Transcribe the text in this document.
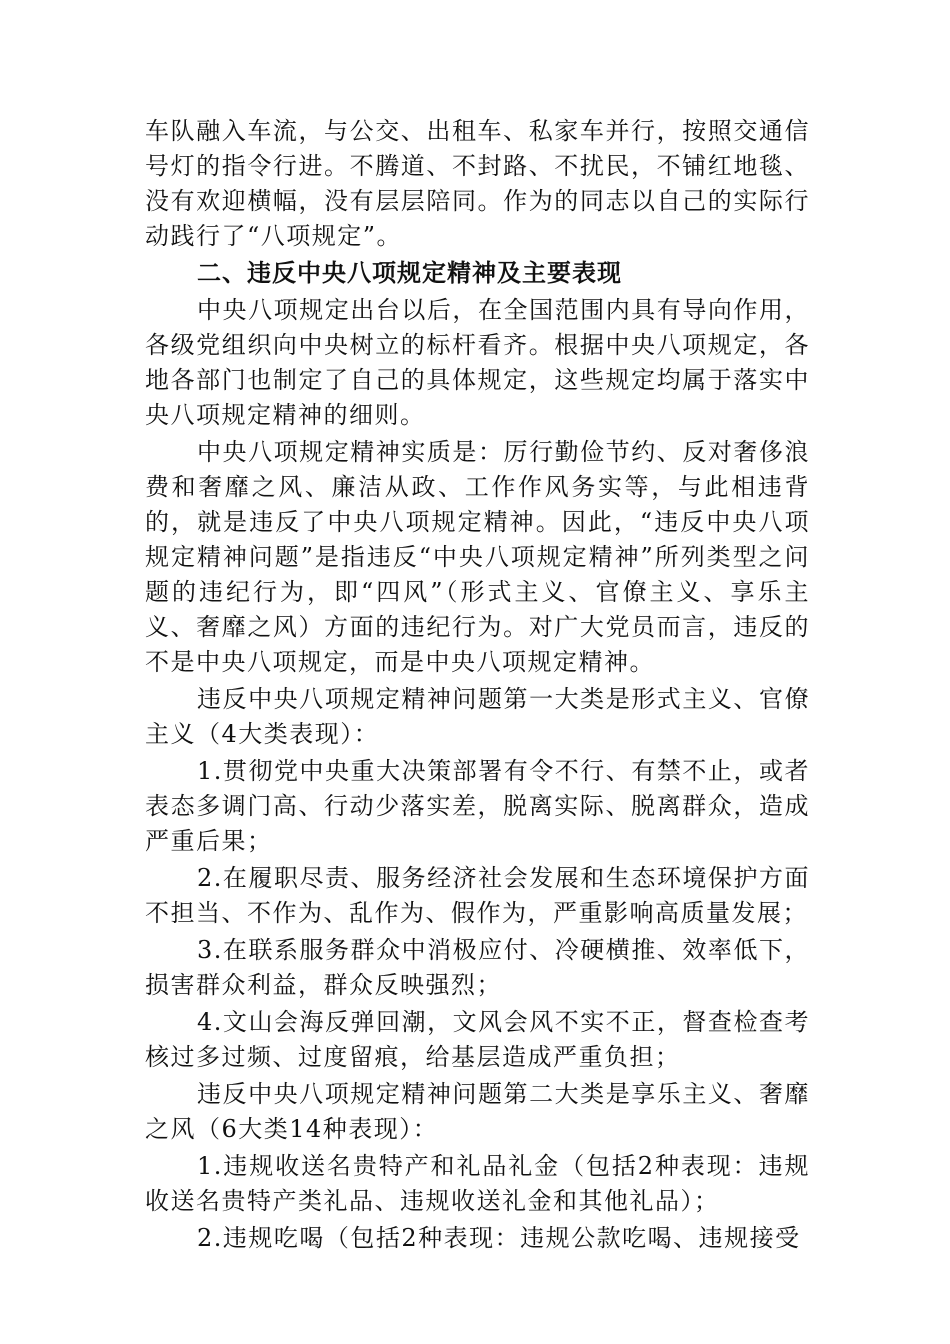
车队融入车流，与公交、出租车、私家车并行，按照交通信号灯的指令行进。不腾道、不封路、不扰民，不铺红地毯、没有欢迎横幅，没有层层陪同。作为的同志以自己的实际行动践行了“八项规定”。

二、违反中央八项规定精神及主要表现

中央八项规定出台以后，在全国范围内具有导向作用，各级党组织向中央树立的标杆看齐。根据中央八项规定，各地各部门也制定了自己的具体规定，这些规定均属于落实中央八项规定精神的细则。

中央八项规定精神实质是：厉行勤俭节约、反对奢侈浪费和奢靡之风、廉洁从政、工作作风务实等，与此相违背的，就是违反了中央八项规定精神。因此，“违反中央八项规定精神问题”是指违反“中央八项规定精神”所列类型之问题的违纪行为，即“四风”（形式主义、官僚主义、享乐主义、奢靡之风）方面的违纪行为。对广大党员而言，违反的不是中央八项规定，而是中央八项规定精神。

违反中央八项规定精神问题第一大类是形式主义、官僚主义（4大类表现）：

1.贯彻党中央重大决策部署有令不行、有禁不止，或者表态多调门高、行动少落实差，脱离实际、脱离群众，造成严重后果；

2.在履职尽责、服务经济社会发展和生态环境保护方面不担当、不作为、乱作为、假作为，严重影响高质量发展；

3.在联系服务群众中消极应付、冷硬横推、效率低下，损害群众利益，群众反映强烈；

4.文山会海反弹回潮，文风会风不实不正，督查检查考核过多过频、过度留痕，给基层造成严重负担；

违反中央八项规定精神问题第二大类是享乐主义、奢靡之风（6大类14种表现）：

1.违规收送名贵特产和礼品礼金（包括2种表现：违规收送名贵特产类礼品、违规收送礼金和其他礼品）；

2.违规吃喝（包括2种表现：违规公款吃喝、违规接受
